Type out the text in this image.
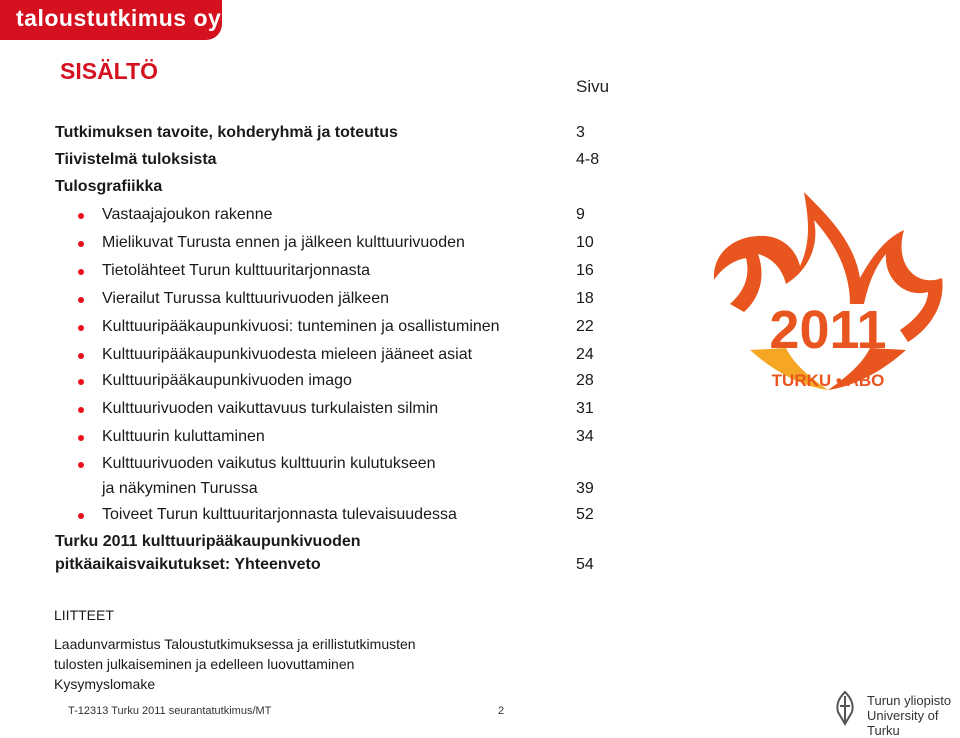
taloustutkimus oy
SISÄLTÖ
Sivu
Tutkimuksen tavoite, kohderyhmä ja toteutus	3
Tiivistelmä tuloksista	4-8
Tulosgrafiikka
Vastaajajoukon rakenne	9
Mielikuvat Turusta ennen ja jälkeen kulttuurivuoden	10
Tietolähteet Turun kulttuuritarjonnasta	16
Vierailut Turussa kulttuurivuoden jälkeen	18
Kulttuuripääkaupunkivuosi: tunteminen ja osallistuminen	22
Kulttuuripääkaupunkivuodesta mieleen jääneet asiat	24
Kulttuuripääkaupunkivuoden imago	28
Kulttuurivuoden vaikuttavuus turkulaisten silmin	31
Kulttuurin kuluttaminen	34
Kulttuurivuoden vaikutus kulttuurin kulutukseen
ja näkyminen Turussa	39
Toiveet Turun kulttuuritarjonnasta tulevaisuudessa	52
Turku 2011 kulttuuripääkaupunkivuoden
pitkäaikaisvaikutukset: Yhteenveto	54
2011
TURKU • ÅBO
LIITTEET
Laadunvarmistus Taloustutkimuksessa ja erillistutkimusten
tulosten julkaiseminen ja edelleen luovuttaminen
Kysymyslomake
T-12313 Turku 2011 seurantatutkimus/MT	2
Turun yliopisto
University of Turku
